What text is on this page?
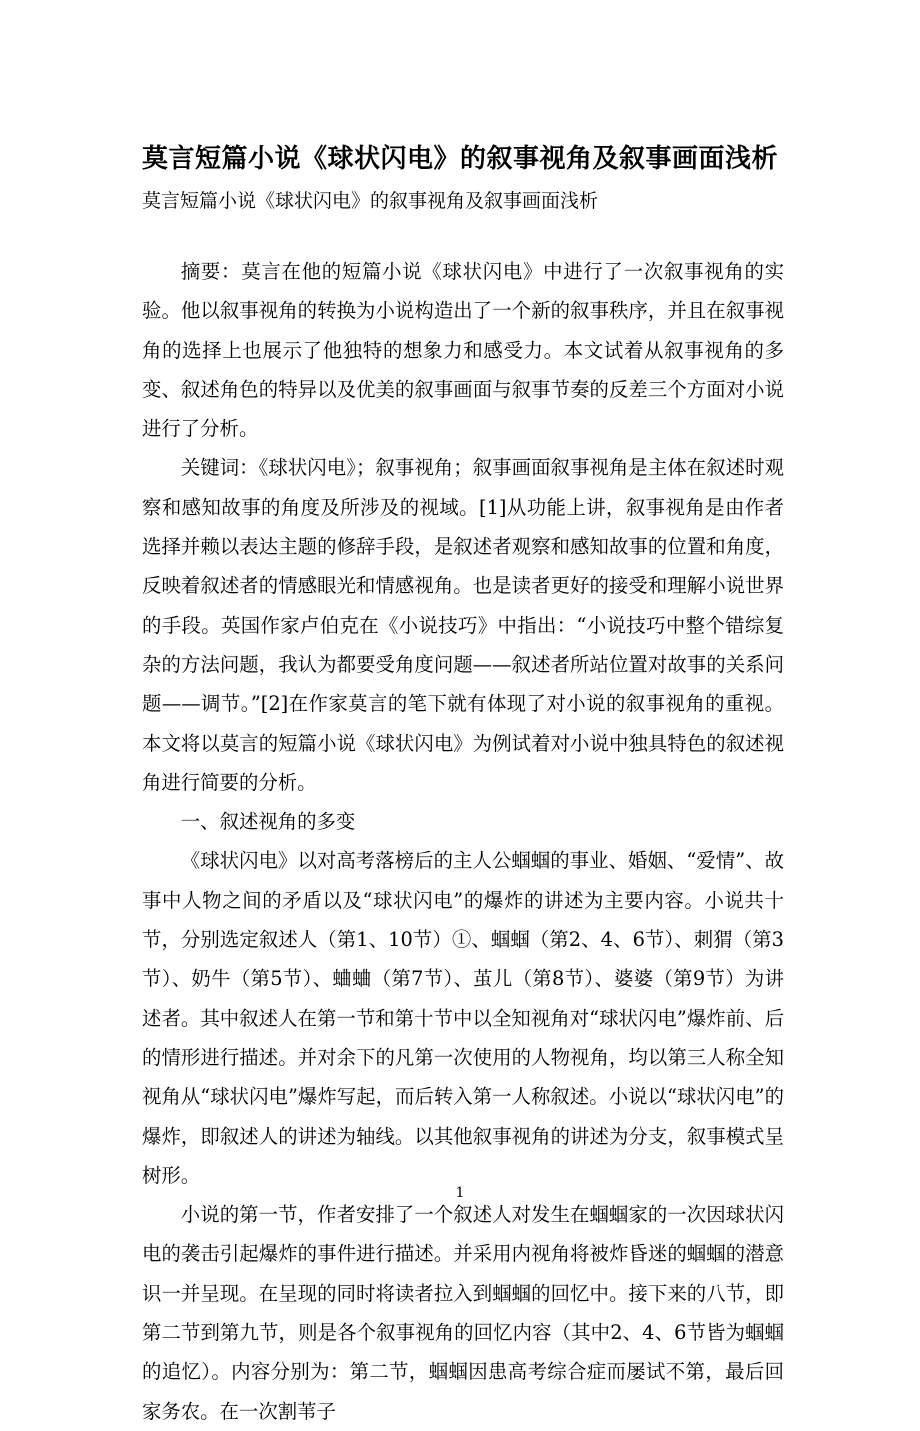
莫言短篇小说《球状闪电》的叙事视角及叙事画面浅析
莫言短篇小说《球状闪电》的叙事视角及叙事画面浅析

摘要：莫言在他的短篇小说《球状闪电》中进行了一次叙事视角的实验。他以叙事视角的转换为小说构造出了一个新的叙事秩序，并且在叙事视角的选择上也展示了他独特的想象力和感受力。本文试着从叙事视角的多变、叙述角色的特异以及优美的叙事画面与叙事节奏的反差三个方面对小说进行了分析。

关键词：《球状闪电》；叙事视角；叙事画面叙事视角是主体在叙述时观察和感知故事的角度及所涉及的视域。[1]从功能上讲，叙事视角是由作者选择并赖以表达主题的修辞手段，是叙述者观察和感知故事的位置和角度，反映着叙述者的情感眼光和情感视角。也是读者更好的接受和理解小说世界的手段。英国作家卢伯克在《小说技巧》中指出：“小说技巧中整个错综复杂的方法问题，我认为都要受角度问题——叙述者所站位置对故事的关系问题——调节。”[2]在作家莫言的笔下就有体现了对小说的叙事视角的重视。本文将以莫言的短篇小说《球状闪电》为例试着对小说中独具特色的叙述视角进行简要的分析。

一、叙述视角的多变

《球状闪电》以对高考落榜后的主人公蝈蝈的事业、婚姻、“爱情”、故事中人物之间的矛盾以及“球状闪电”的爆炸的讲述为主要内容。小说共十节，分别选定叙述人（第1、10节）①、蝈蝈（第2、4、6节）、刺猬（第3节）、奶牛（第5节）、蛐蛐（第7节）、茧儿（第8节）、婆婆（第9节）为讲述者。其中叙述人在第一节和第十节中以全知视角对“球状闪电”爆炸前、后的情形进行描述。并对余下的凡第一次使用的人物视角，均以第三人称全知视角从“球状闪电”爆炸写起，而后转入第一人称叙述。小说以“球状闪电”的爆炸，即叙述人的讲述为轴线。以其他叙事视角的讲述为分支，叙事模式呈树形。

小说的第一节，作者安排了一个叙述人对发生在蝈蝈家的一次因球状闪电的袭击引起爆炸的事件进行描述。并采用内视角将被炸昏迷的蝈蝈的潜意识一并呈现。在呈现的同时将读者拉入到蝈蝈的回忆中。接下来的八节，即第二节到第九节，则是各个叙事视角的回忆内容（其中2、4、6节皆为蝈蝈的追忆）。内容分别为：第二节，蝈蝈因患高考综合症而屡试不第，最后回家务农。在一次割苇子

1
